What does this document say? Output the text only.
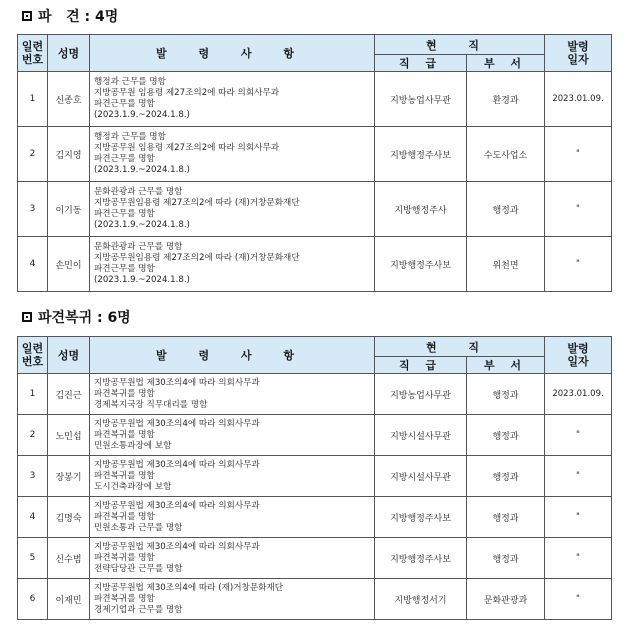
파   견 : 4명
일련
번호	성명	발 령 사 항	현 직		발령
일자
			직 급	부 서	
1	신종호	행정과 근무를 명함
지방공무원 임용령 제27조의2에 따라 의회사무과
파견근무를 명함
(2023.1.9.~2024.1.8.)	지방농업사무관	환경과	2023.01.09.
2	김지영	행정과 근무를 명함
지방공무원 임용령 제27조의2에 따라 의회사무과
파견근무를 명함
(2023.1.9.~2024.1.8.)	지방행정주사보	수도사업소	"
3	이기동	문화관광과 근무를 명함
지방공무원임용령 제27조의2에 따라 (재)거창문화재단
파견근무를 명함
(2023.1.9.~2024.1.8.)	지방행정주사	행정과	"
4	손민이	문화관광과 근무를 명함
지방공무원임용령 제27조의2에 따라 (재)거창문화재단
파견근무를 명함
(2023.1.9.~2024.1.8.)	지방행정주사보	위천면	"
파견복귀 : 6명
일련
번호	성명	발 령 사 항	현 직		발령
일자
			직 급	부 서	
1	김진근	지방공무원법 제30조의4에 따라 의회사무과
파견복귀를 명함
경제복지국장 직무대리를 명함	지방농업사무관	행정과	2023.01.09.
2	노민섭	지방공무원법 제30조의4에 따라 의회사무과
파견복귀를 명함
민원소통과장에 보함	지방시설사무관	행정과	"
3	장봉기	지방공무원법 제30조의4에 따라 의회사무과
파견복귀를 명함
도시건축과장에 보함	지방시설사무관	행정과	"
4	김명숙	지방공무원법 제30조의4에 따라 의회사무과
파견복귀를 명함
민원소통과 근무를 명함	지방행정주사보	행정과	"
5	신수범	지방공무원법 제30조의4에 따라 의회사무과
파견복귀를 명함
전략담당관 근무를 명함	지방행정주사보	행정과	"
6	이재민	지방공무원법 제30조의4에 따라 (재)거창문화재단
파견복귀를 명함
경제기업과 근무를 명함	지방행정서기	문화관광과	"
